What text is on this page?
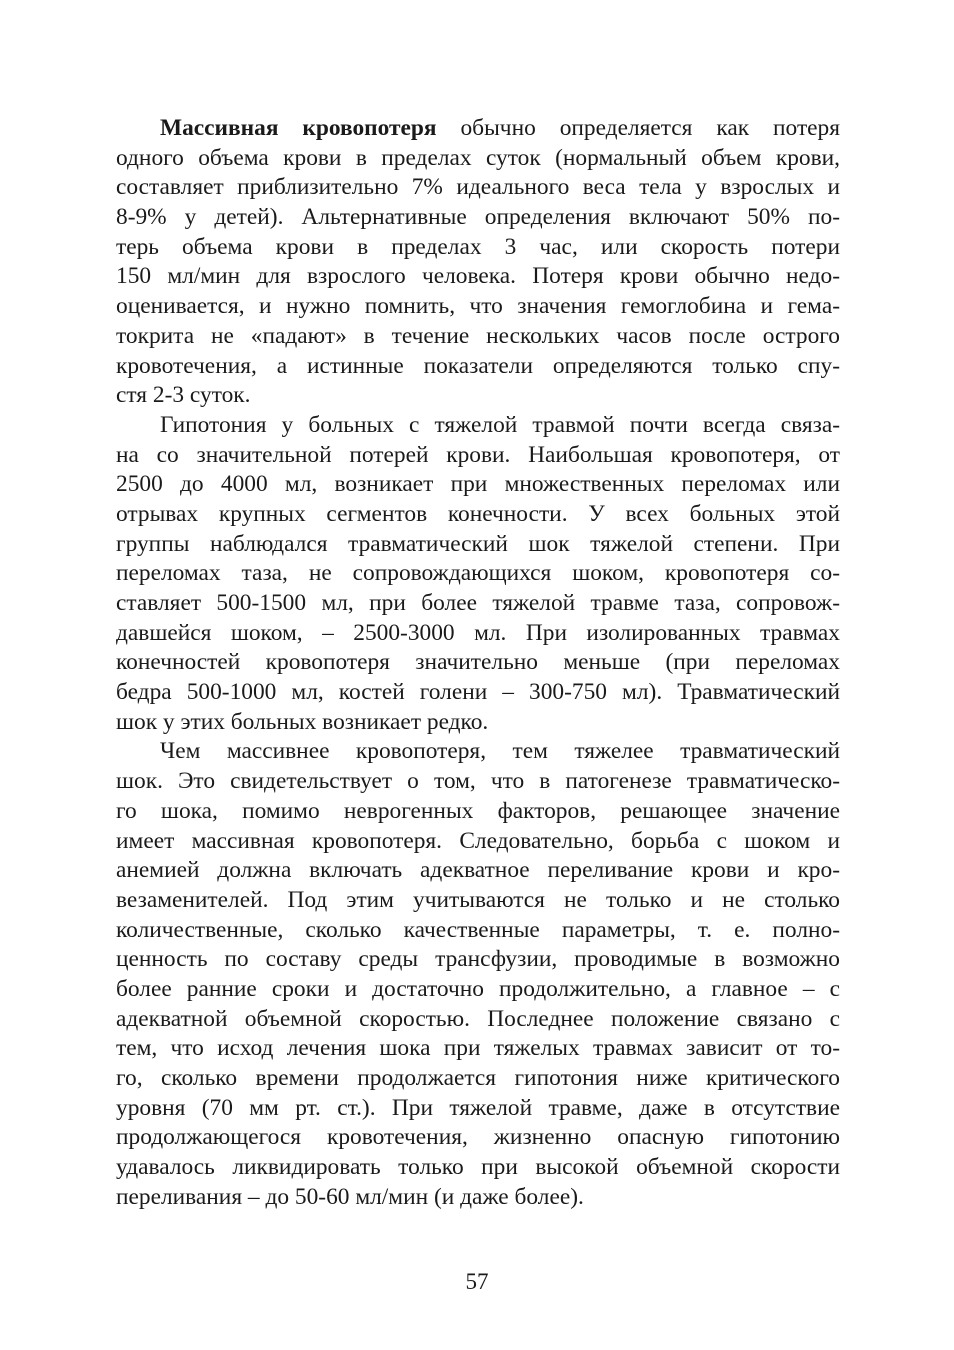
Массивная кровопотеря обычно определяется как потеря
одного объема крови в пределах суток (нормальный объем крови,
составляет приблизительно 7% идеального веса тела у взрослых и
8-9% у детей). Альтернативные определения включают 50% по-
терь объема крови в пределах 3 час, или скорость потери
150 мл/мин для взрослого человека. Потеря крови обычно недо-
оценивается, и нужно помнить, что значения гемоглобина и гема-
токрита не «падают» в течение нескольких часов после острого
кровотечения, а истинные показатели определяются только спу-
стя 2-3 суток.
Гипотония у больных с тяжелой травмой почти всегда связа-
на со значительной потерей крови. Наибольшая кровопотеря, от
2500 до 4000 мл, возникает при множественных переломах или
отрывах крупных сегментов конечности. У всех больных этой
группы наблюдался травматический шок тяжелой степени. При
переломах таза, не сопровождающихся шоком, кровопотеря со-
ставляет 500-1500 мл, при более тяжелой травме таза, сопровож-
давшейся шоком, – 2500-3000 мл. При изолированных травмах
конечностей кровопотеря значительно меньше (при переломах
бедра 500-1000 мл, костей голени – 300-750 мл). Травматический
шок у этих больных возникает редко.
Чем массивнее кровопотеря, тем тяжелее травматический
шок. Это свидетельствует о том, что в патогенезе травматическо-
го шока, помимо неврогенных факторов, решающее значение
имеет массивная кровопотеря. Следовательно, борьба с шоком и
анемией должна включать адекватное переливание крови и кро-
везаменителей. Под этим учитываются не только и не столько
количественные, сколько качественные параметры, т. е. полно-
ценность по составу среды трансфузии, проводимые в возможно
более ранние сроки и достаточно продолжительно, а главное – с
адекватной объемной скоростью. Последнее положение связано с
тем, что исход лечения шока при тяжелых травмах зависит от то-
го, сколько времени продолжается гипотония ниже критического
уровня (70 мм рт. ст.). При тяжелой травме, даже в отсутствие
продолжающегося кровотечения, жизненно опасную гипотонию
удавалось ликвидировать только при высокой объемной скорости
переливания – до 50-60 мл/мин (и даже более).
57
